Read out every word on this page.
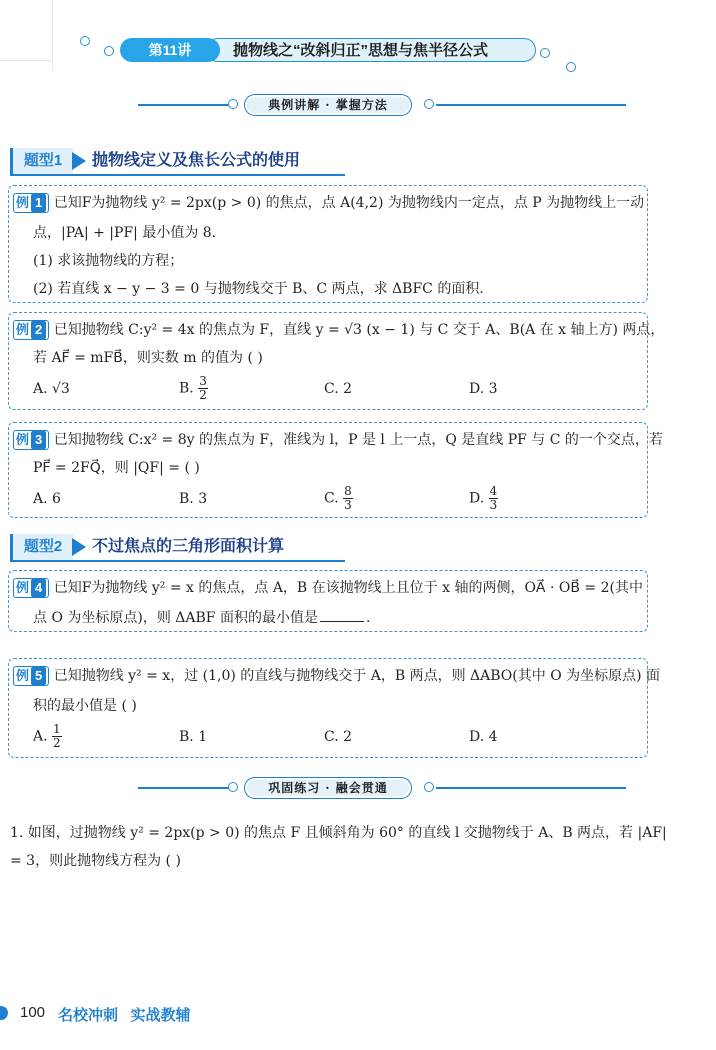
抛物线之“改斜归正”思想与焦半径公式
第11讲
典例讲解 · 掌握方法
题型1	抛物线定义及焦长公式的使用
例 1 已知F为抛物线 y² = 2px(p > 0) 的焦点，点 A(4,2) 为抛物线内一定点，点 P 为抛物线上一动
点，|PA| + |PF| 最小值为 8.
(1) 求该抛物线的方程；
(2) 若直线 x − y − 3 = 0 与抛物线交于 B、C 两点，求 ΔBFC 的面积.
例 2 已知抛物线 C:y² = 4x 的焦点为 F，直线 y = √3 (x − 1) 与 C 交于 A、B(A 在 x 轴上方) 两点，
若 AF⃗ = mFB⃗，则实数 m 的值为 ( )
A. √3	B. $\frac{3}{2}$	C. 2	D. 3
例 3 已知抛物线 C:x² = 8y 的焦点为 F，准线为 l，P 是 l 上一点，Q 是直线 PF 与 C 的一个交点，若
PF⃗ = 2FQ⃗，则 |QF| = ( )
A. 6	B. 3	C. $\frac{8}{3}$	D. $\frac{4}{3}$
题型2	不过焦点的三角形面积计算
例 4 已知F为抛物线 y² = x 的焦点，点 A，B 在该抛物线上且位于 x 轴的两侧，OA⃗ · OB⃗ = 2(其中
点 O 为坐标原点)，则 ΔABF 面积的最小值是	.
例 5 已知抛物线 y² = x，过 (1,0) 的直线与抛物线交于 A，B 两点，则 ΔABO(其中 O 为坐标原点) 面
积的最小值是 ( )
A. $\frac{1}{2}$	B. 1	C. 2	D. 4
巩固练习 · 融会贯通
1. 如图，过抛物线 y² = 2px(p > 0) 的焦点 F 且倾斜角为 60° 的直线 l 交抛物线于 A、B 两点，若 |AF|
= 3，则此抛物线方程为 ( )
100 名校冲刺   实战教辅
